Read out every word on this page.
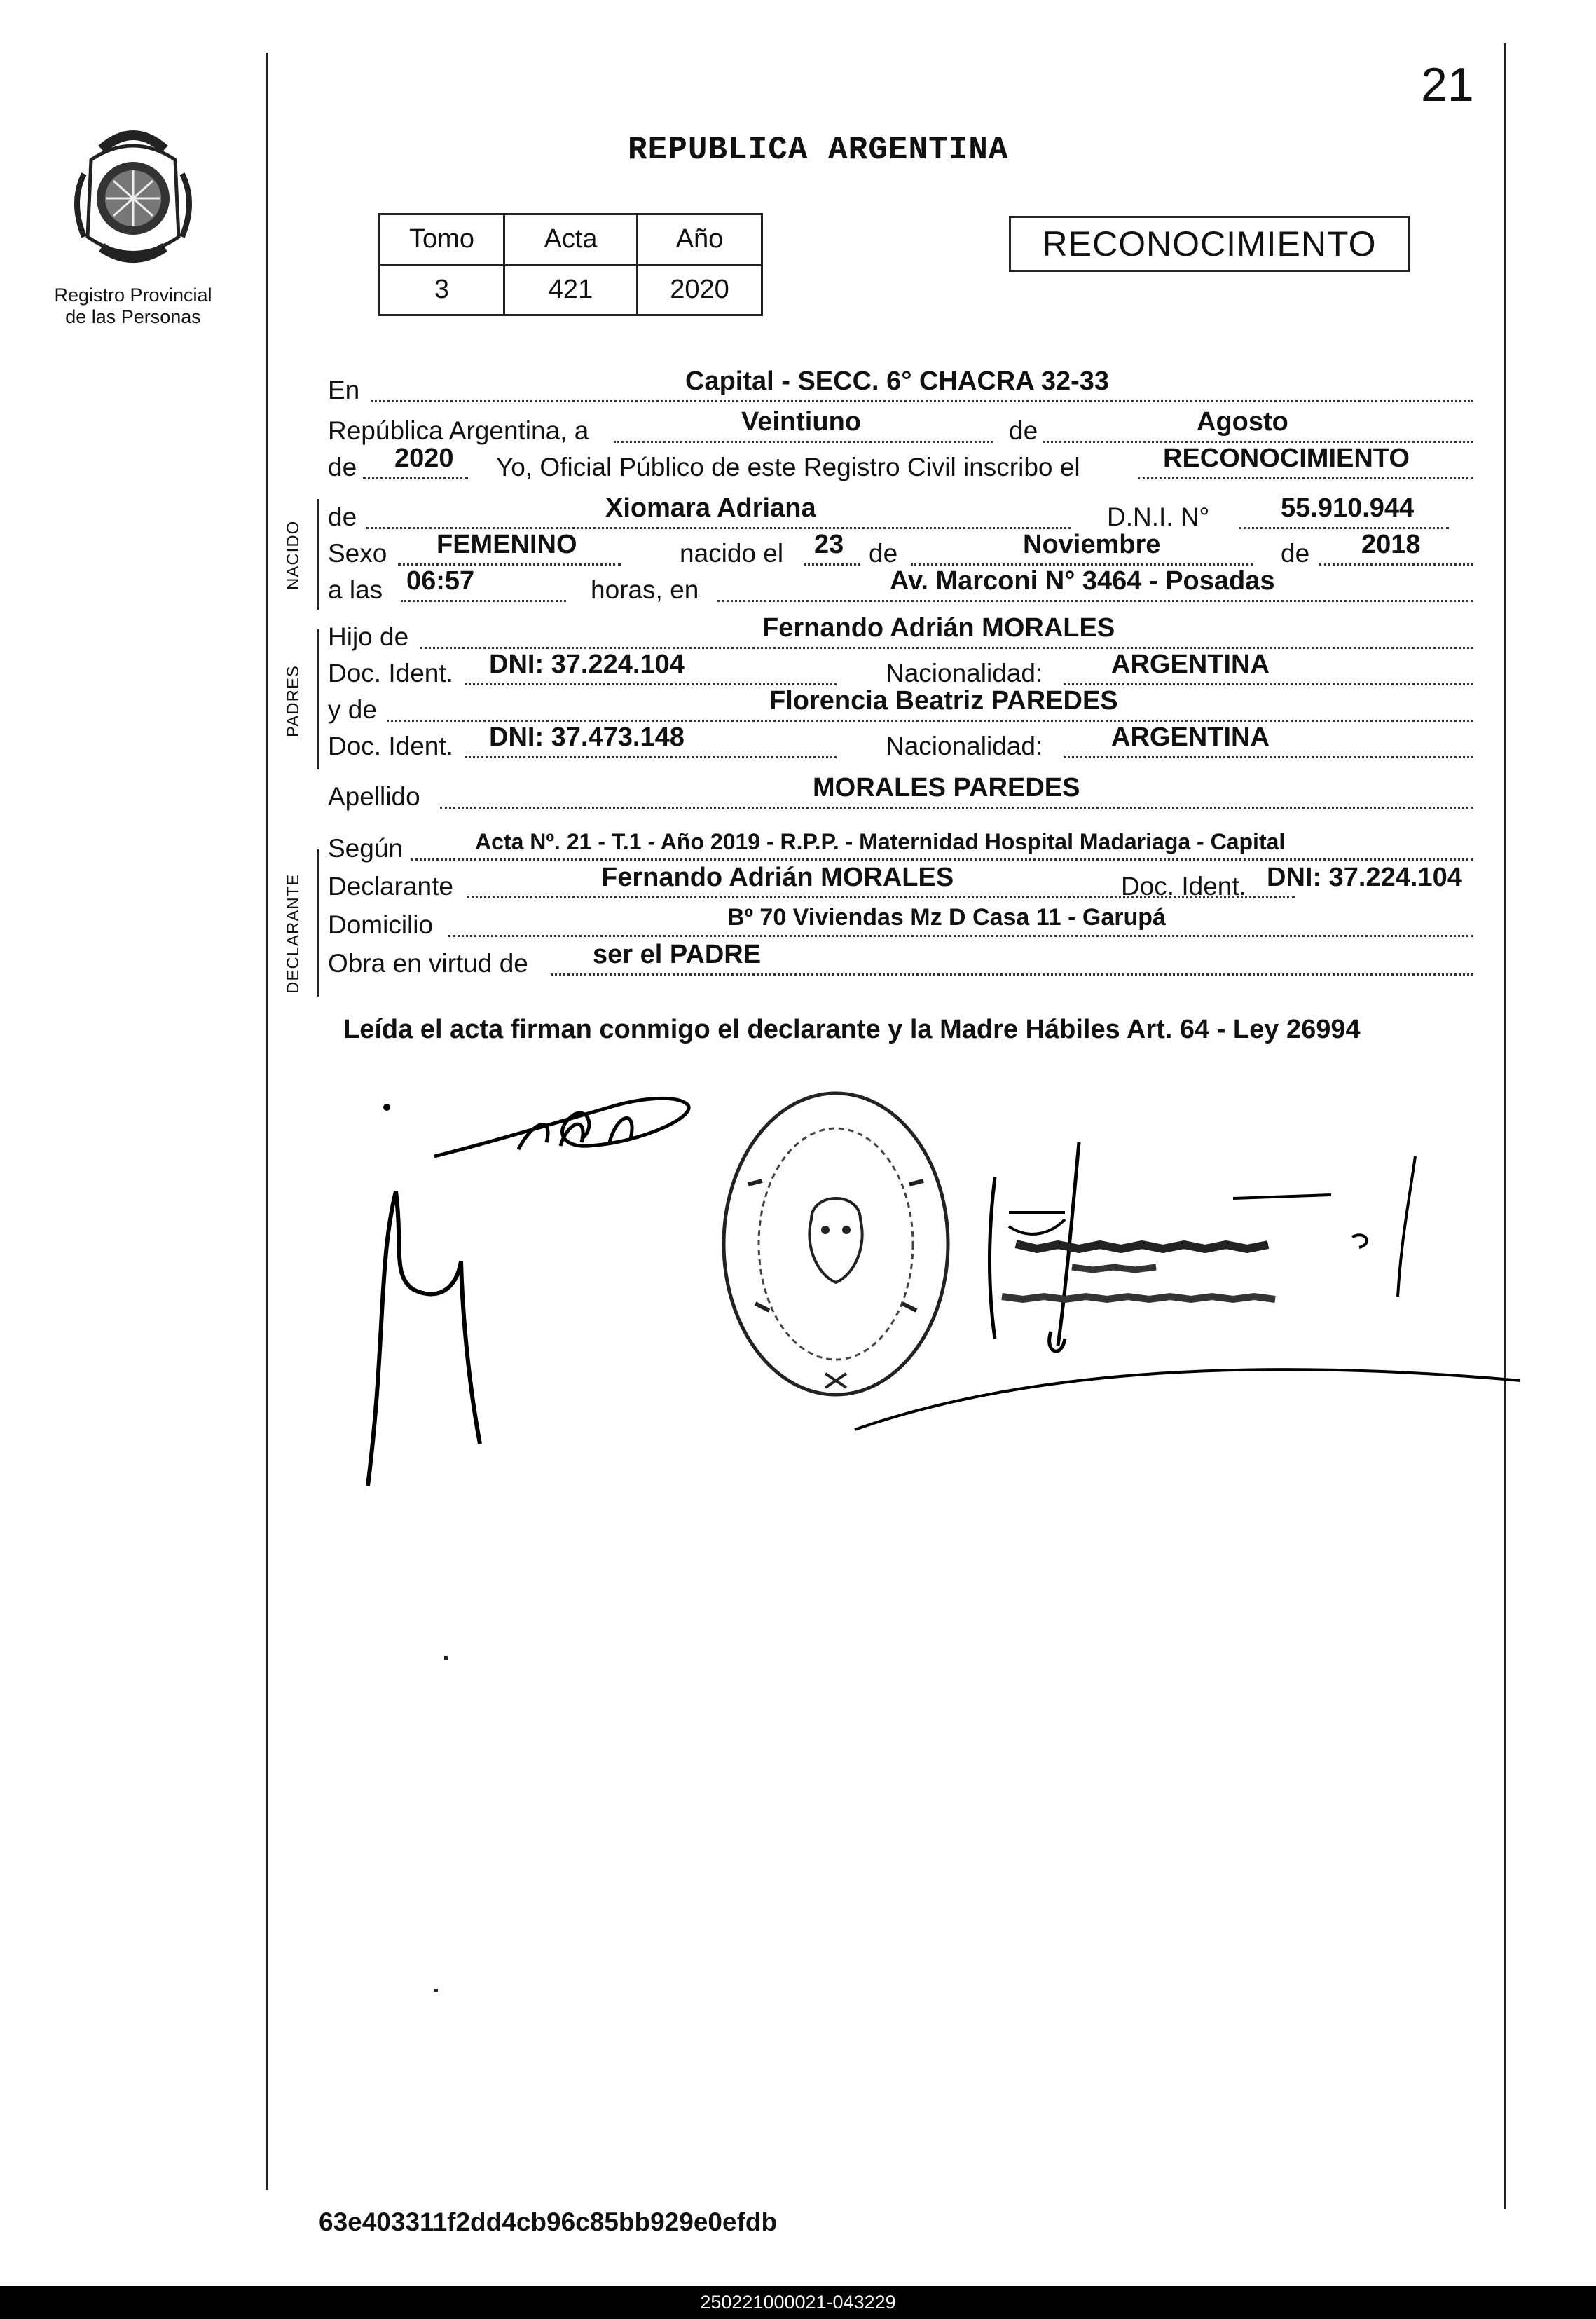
21
Registro Provincial
de las Personas
REPUBLICA ARGENTINA
Tomo	Acta	Año
3	421	2020
RECONOCIMIENTO
NACIDO
PADRES
DECLARANTE
En	Capital - SECC. 6° CHACRA 32-33
República Argentina, a	Veintiuno	de	Agosto
de 2020 Yo, Oficial Público de este Registro Civil inscribo el	RECONOCIMIENTO
de	Xiomara Adriana	D.N.I. N°	55.910.944
Sexo FEMENINO	nacido el 23 de	Noviembre	de 2018
a las 06:57	horas, en	Av. Marconi N° 3464 - Posadas
Hijo de	Fernando Adrián MORALES
Doc. Ident. DNI: 37.224.104	Nacionalidad:	ARGENTINA
y de	Florencia Beatriz PAREDES
Doc. Ident. DNI: 37.473.148	Nacionalidad:	ARGENTINA
Apellido	MORALES PAREDES
Según	Acta Nº. 21 - T.1 - Año 2019 - R.P.P. - Maternidad Hospital Madariaga - Capital
Declarante	Fernando Adrián MORALES	Doc. Ident. DNI: 37.224.104
Domicilio	Bº 70 Viviendas Mz D Casa 11 - Garupá
Obra en virtud de ser el PADRE
Leída el acta firman conmigo el declarante y la Madre Hábiles Art. 64 - Ley 26994
63e403311f2dd4cb96c85bb929e0efdb
250221000021-043229
